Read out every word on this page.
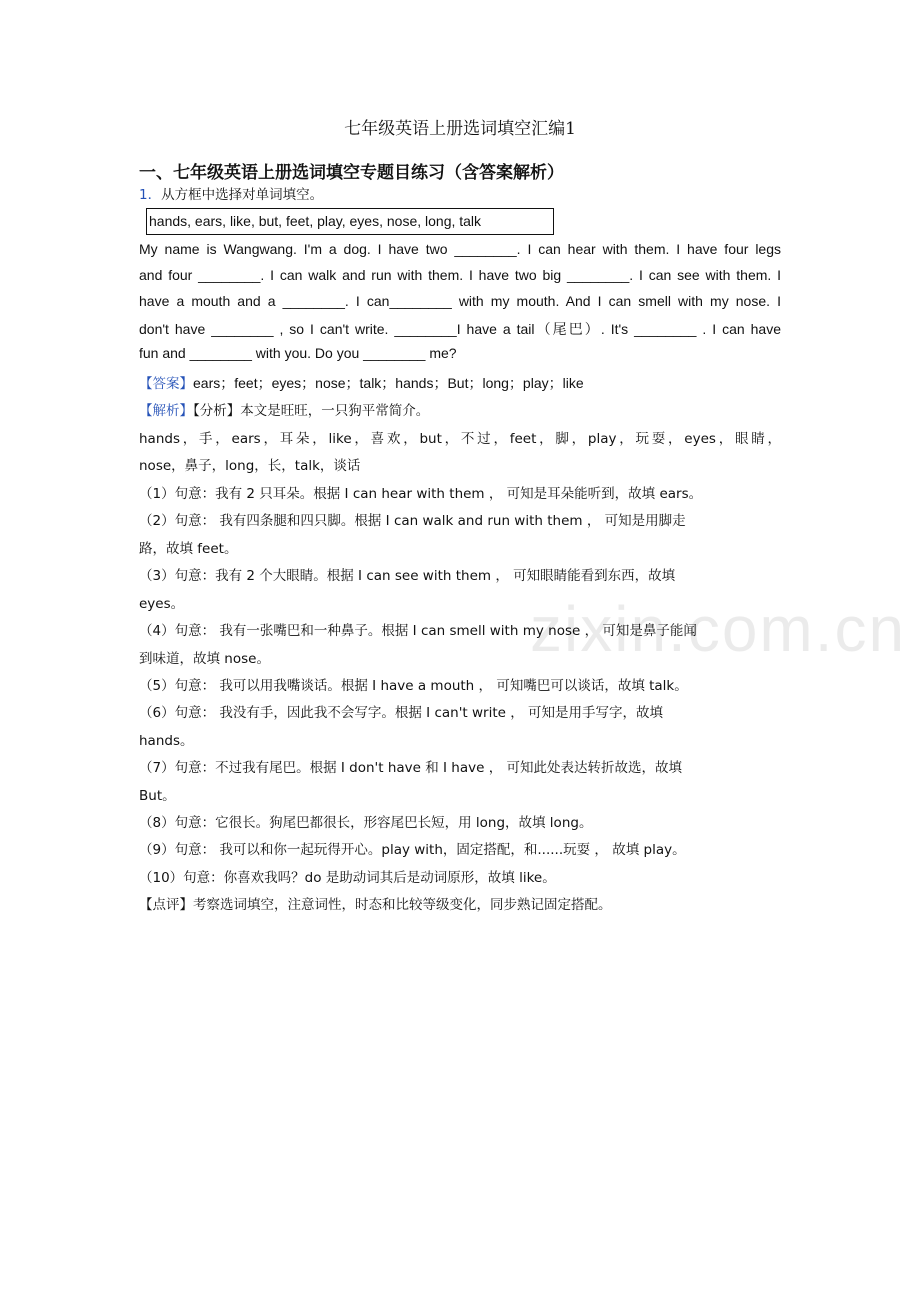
七年级英语上册选词填空汇编1
一、七年级英语上册选词填空专题目练习（含答案解析）
1．从方框中选择对单词填空。
hands, ears, like, but, feet, play, eyes, nose, long, talk
My name is Wangwang. I'm a dog. I have two ________. I can hear with them. I have four legs
and four ________. I can walk and run with them. I have two big ________. I can see with them. I
have a mouth and a ________. I can________ with my mouth. And I can smell with my nose. I
don't have ________ , so I can't write. ________I have a tail（尾巴）. It's ________ . I can have
fun and ________ with you. Do you ________ me?
【答案】ears；feet；eyes；nose；talk；hands；But；long；play；like
【解析】【分析】本文是旺旺，一只狗平常简介。
hands，手，ears，耳朵，like，喜欢，but，不过，feet，脚，play，玩耍，eyes，眼睛，
nose，鼻子，long，长，talk，谈话
（1）句意：我有 2 只耳朵。根据 I can hear with them ， 可知是耳朵能听到，故填 ears。
（2）句意： 我有四条腿和四只脚。根据 I can walk and run with them ， 可知是用脚走
路，故填 feet。
（3）句意：我有 2 个大眼睛。根据 I can see with them ， 可知眼睛能看到东西，故填
eyes。
（4）句意： 我有一张嘴巴和一种鼻子。根据 I can smell with my nose ， 可知是鼻子能闻
到味道，故填 nose。
（5）句意： 我可以用我嘴谈话。根据 I have a mouth ， 可知嘴巴可以谈话，故填 talk。
（6）句意： 我没有手，因此我不会写字。根据 I can't write ， 可知是用手写字，故填
hands。
（7）句意：不过我有尾巴。根据 I don't have 和 I have ， 可知此处表达转折故选，故填
But。
（8）句意：它很长。狗尾巴都很长，形容尾巴长短，用 long，故填 long。
（9）句意： 我可以和你一起玩得开心。play with，固定搭配，和......玩耍 ， 故填 play。
（10）句意：你喜欢我吗？do 是助动词其后是动词原形，故填 like。
【点评】考察选词填空，注意词性，时态和比较等级变化，同步熟记固定搭配。
zixin.com.cn
